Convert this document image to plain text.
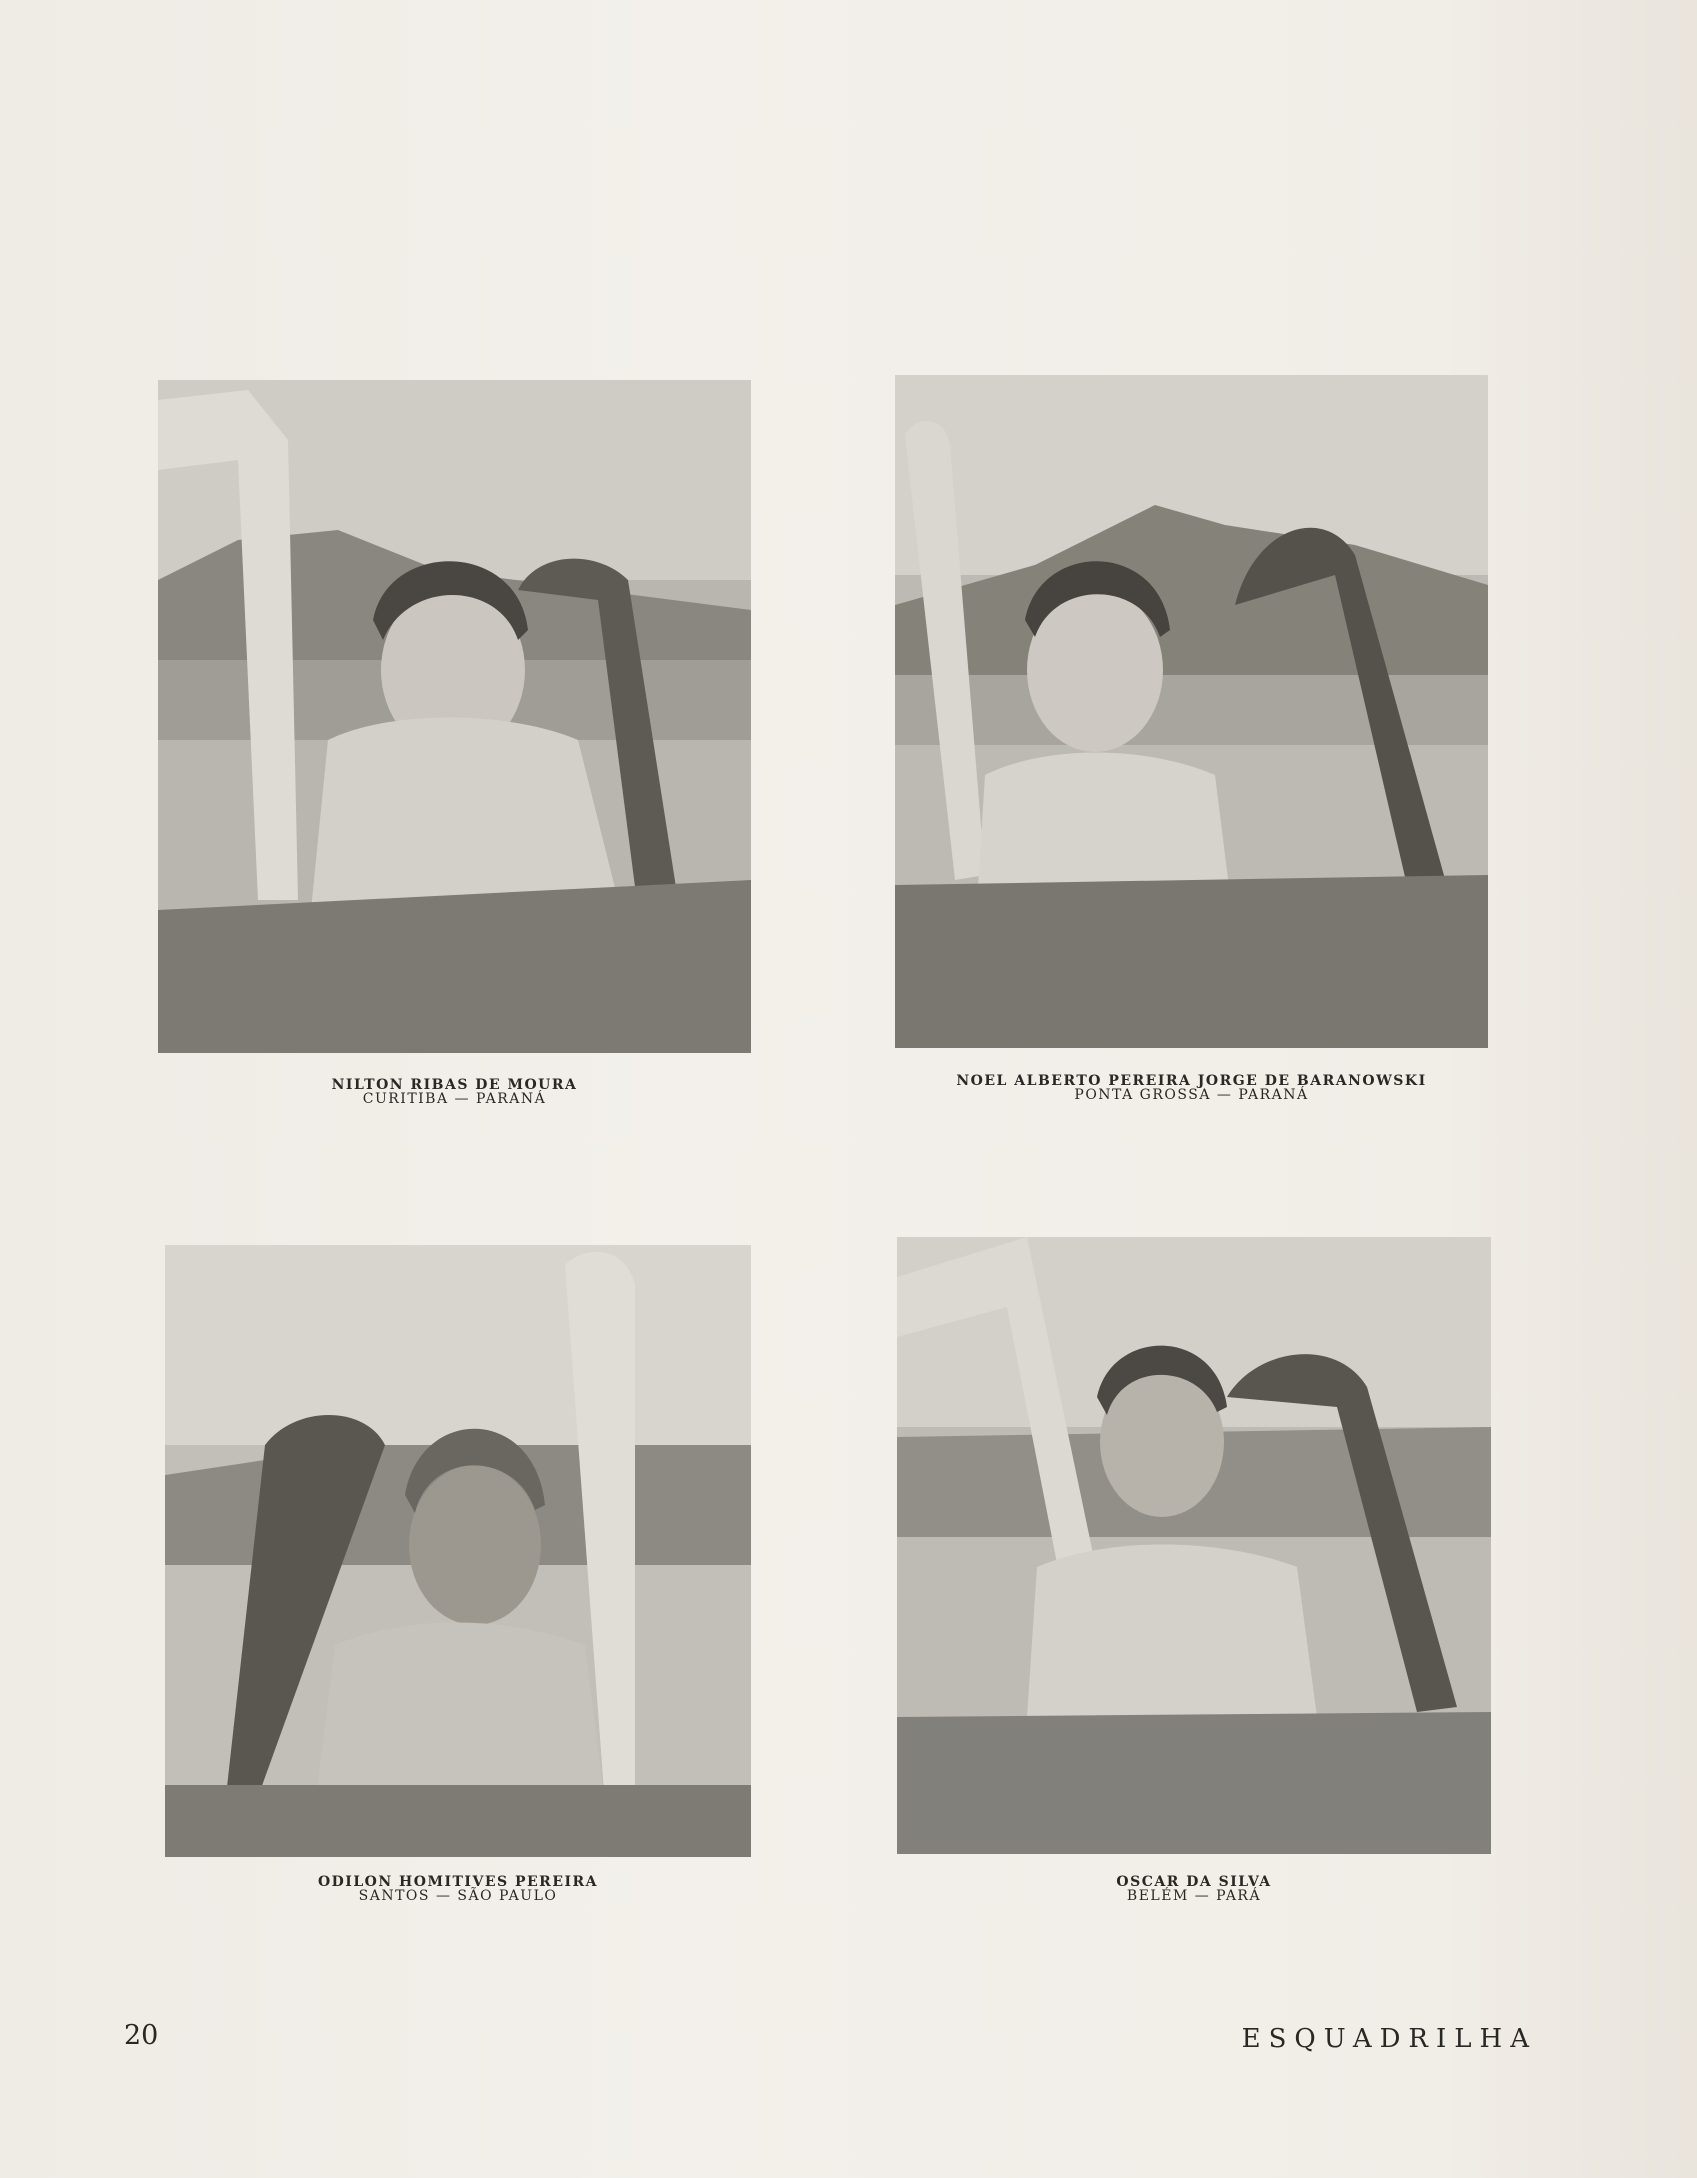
NILTON RIBAS DE MOURA
CURITIBA — PARANÁ
NOEL ALBERTO PEREIRA JORGE DE BARANOWSKI
PONTA GROSSA — PARANÁ
ODILON HOMITIVES PEREIRA
SANTOS — SÃO PAULO
OSCAR DA SILVA
BELÉM — PARÁ
20	ESQUADRILHA
